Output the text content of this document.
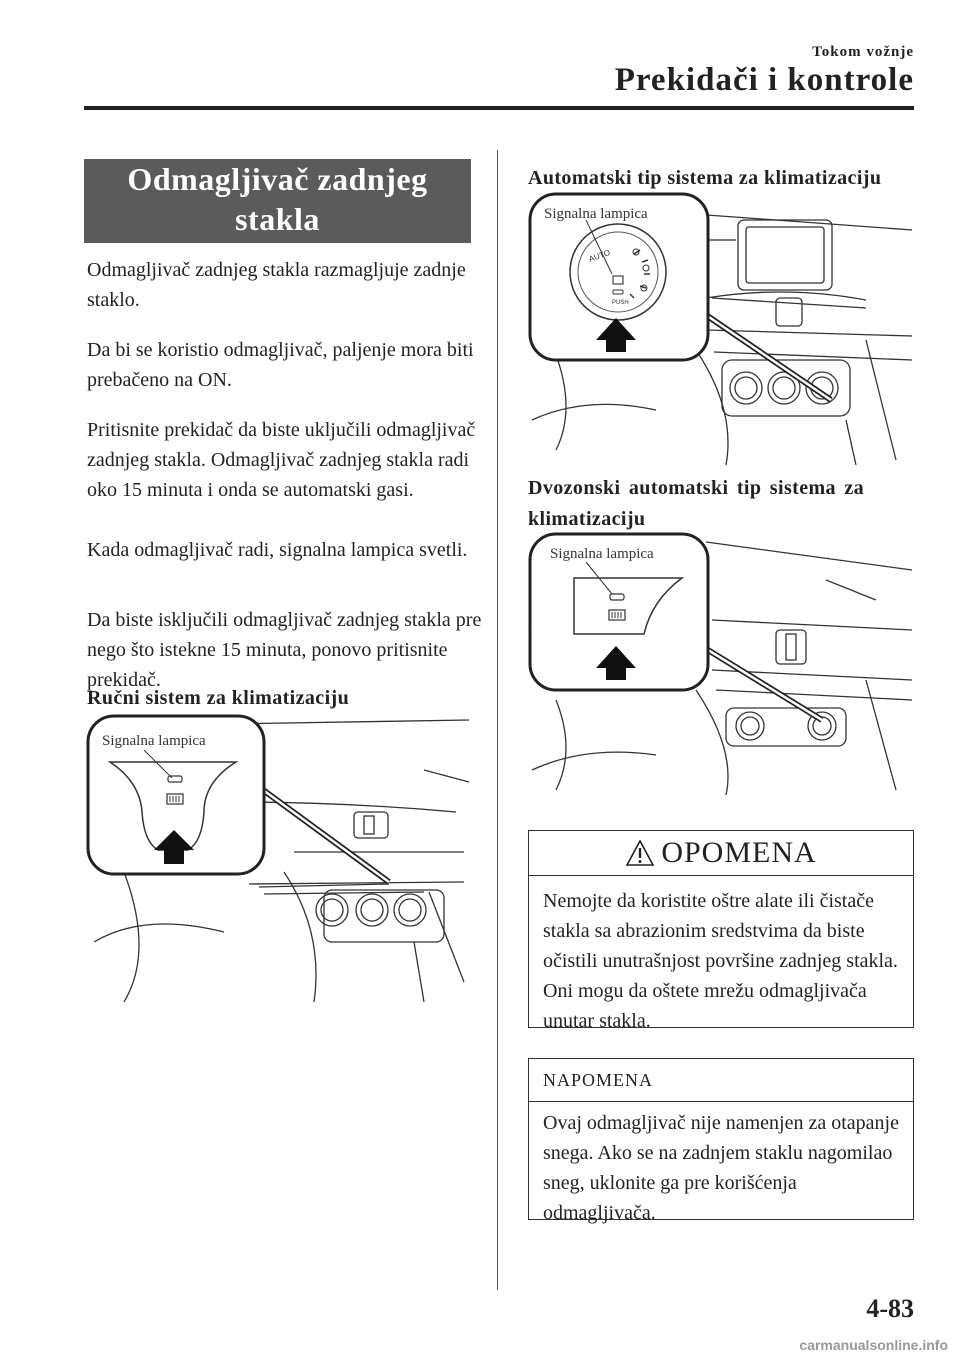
Tokom vožnje
Prekidači i kontrole
Odmagljivač zadnjeg
stakla

Odmagljivač zadnjeg stakla razmagljuje zadnje staklo.

Da bi se koristio odmagljivač, paljenje mora biti prebačeno na ON.

Pritisnite prekidač da biste uključili odmagljivač zadnjeg stakla. Odmagljivač zadnjeg stakla radi oko 15 minuta i onda se automatski gasi.

Kada odmagljivač radi, signalna lampica svetli.

Da biste isključili odmagljivač zadnjeg stakla pre nego što istekne 15 minuta, ponovo pritisnite prekidač.

Ručni sistem za klimatizaciju

Signalna lampica

Automatski tip sistema za klimatizaciju

AUTO
PUSH
Signalna lampica

Dvozonski automatski tip sistema za klimatizaciju

Signalna lampica
OPOMENA
Nemojte da koristite oštre alate ili čistače stakla sa abrazionim sredstvima da biste očistili unutrašnjost površine zadnjeg stakla. Oni mogu da oštete mrežu odmagljivača unutar stakla.
NAPOMENA
Ovaj odmagljivač nije namenjen za otapanje snega. Ako se na zadnjem staklu nagomilao sneg, uklonite ga pre korišćenja odmagljivača.
4-83
carmanualsonline.info
